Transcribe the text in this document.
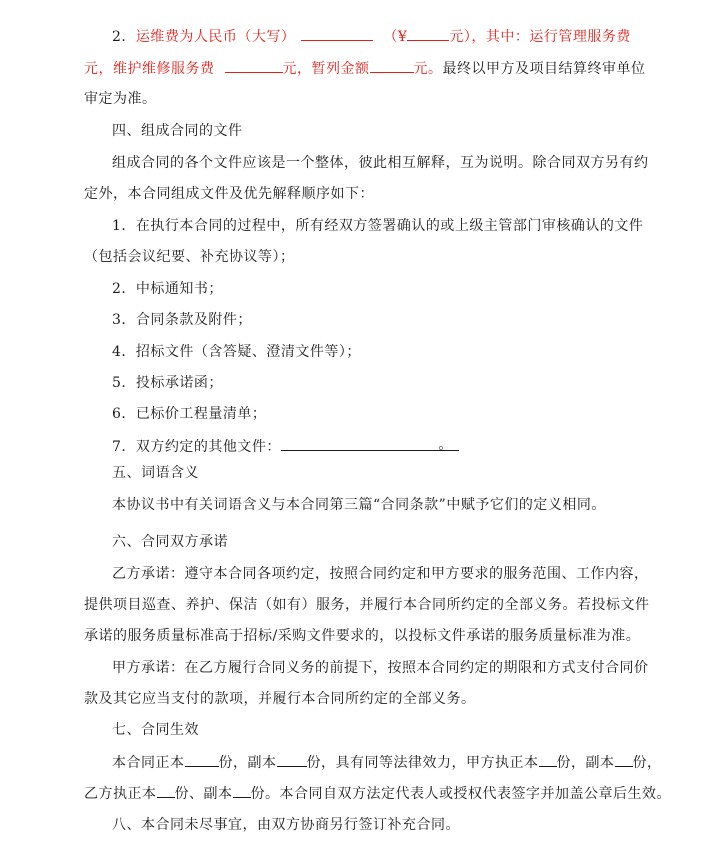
2．运维费为人民币（大写）	（¥	元），其中：运行管理服务费
元，维护维修服务费	元，暂列金额	元。最终以甲方及项目结算终审单位
审定为准。
四、组成合同的文件
组成合同的各个文件应该是一个整体，彼此相互解释，互为说明。除合同双方另有约
定外，本合同组成文件及优先解释顺序如下：
1．在执行本合同的过程中，所有经双方签署确认的或上级主管部门审核确认的文件
（包括会议纪要、补充协议等）；
2．中标通知书；
3．合同条款及附件；
4．招标文件（含答疑、澄清文件等）；
5．投标承诺函；
6．已标价工程量清单；
7．双方约定的其他文件：	。
五、词语含义
本协议书中有关词语含义与本合同第三篇“合同条款”中赋予它们的定义相同。
六、合同双方承诺
乙方承诺：遵守本合同各项约定，按照合同约定和甲方要求的服务范围、工作内容，
提供项目巡查、养护、保洁（如有）服务，并履行本合同所约定的全部义务。若投标文件
承诺的服务质量标准高于招标/采购文件要求的，以投标文件承诺的服务质量标准为准。
甲方承诺：在乙方履行合同义务的前提下，按照本合同约定的期限和方式支付合同价
款及其它应当支付的款项，并履行本合同所约定的全部义务。
七、合同生效
本合同正本 份，副本 份，具有同等法律效力，甲方执正本 份，副本 份，
乙方执正本 份、副本 份。本合同自双方法定代表人或授权代表签字并加盖公章后生效。
八、本合同未尽事宜，由双方协商另行签订补充合同。
